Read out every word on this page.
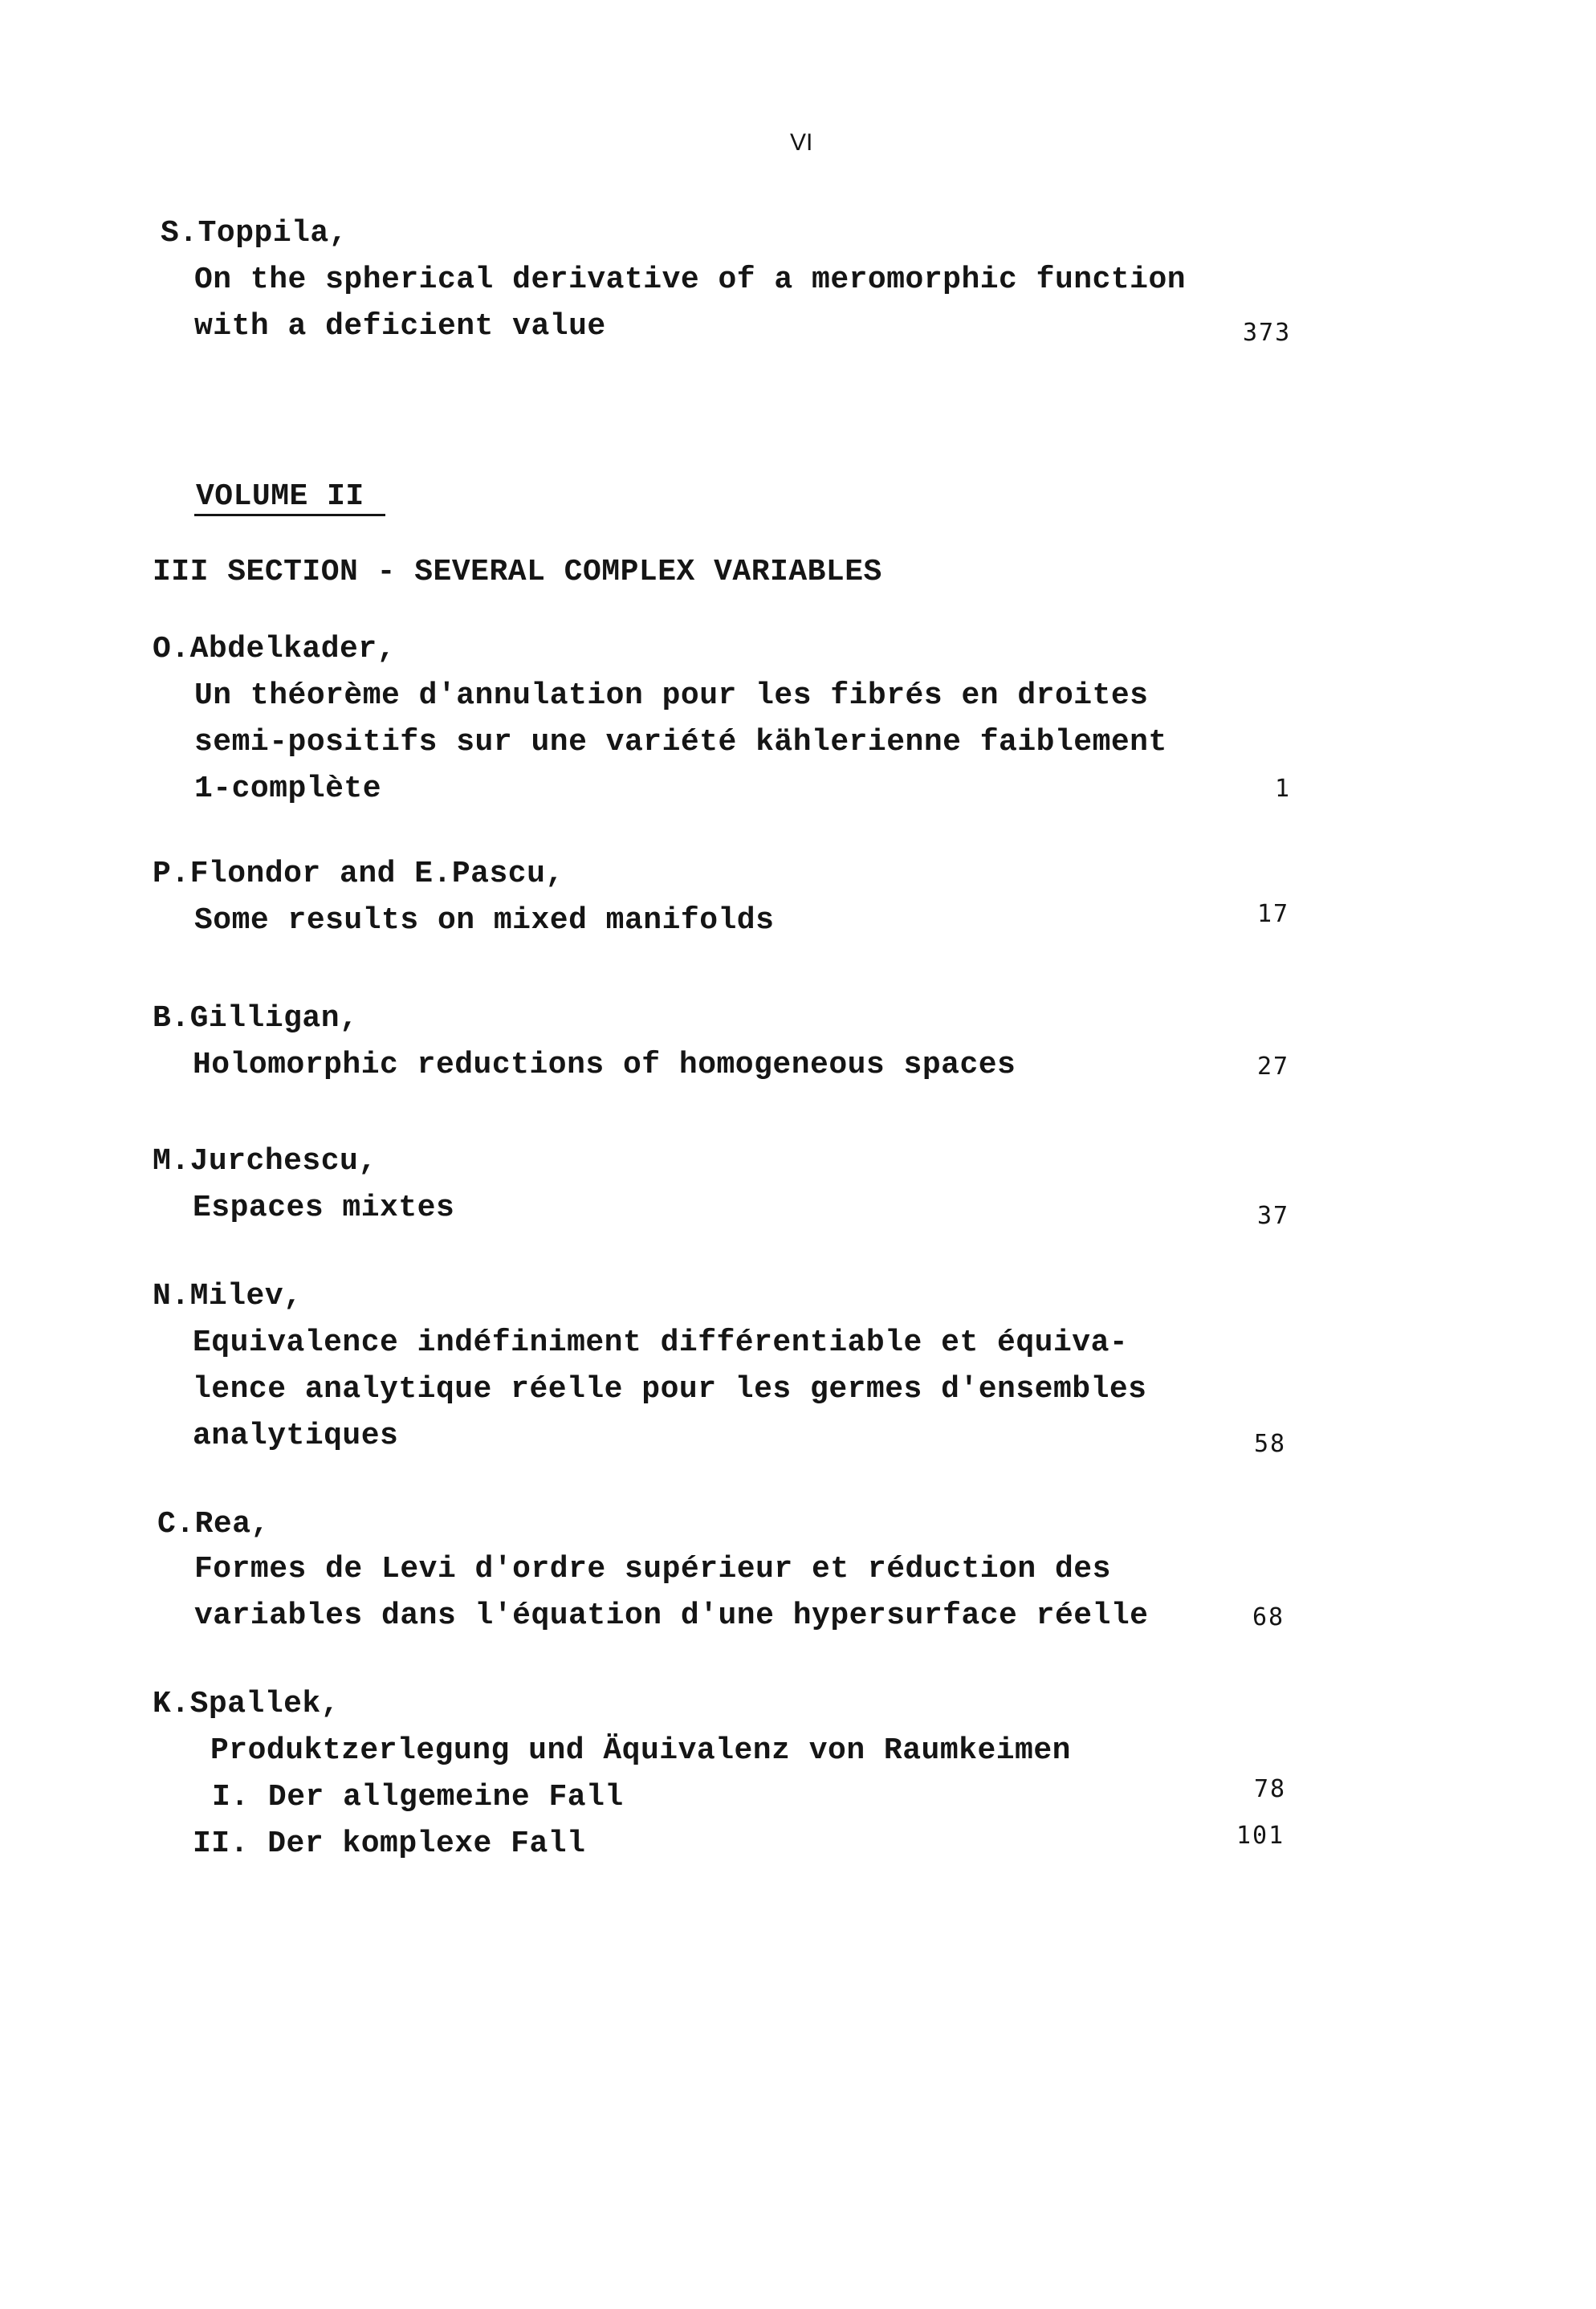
VI
S.Toppila,
On the spherical derivative of a meromorphic function
with a deficient value	373
VOLUME II
III SECTION - SEVERAL COMPLEX VARIABLES
O.Abdelkader,
Un théorème d'annulation pour les fibrés en droites
semi-positifs sur une variété kählerienne faiblement
1-complète	1
P.Flondor and E.Pascu,
Some results on mixed manifolds	17
B.Gilligan,
Holomorphic reductions of homogeneous spaces	27
M.Jurchescu,
Espaces mixtes	37
N.Milev,
Equivalence indéfiniment différentiable et équiva-
lence analytique réelle pour les germes d'ensembles
analytiques	58
C.Rea,
Formes de Levi d'ordre supérieur et réduction des
variables dans l'équation d'une hypersurface réelle	68
K.Spallek,
Produktzerlegung und Äquivalenz von Raumkeimen
I. Der allgemeine Fall	78
II. Der komplexe Fall	101
